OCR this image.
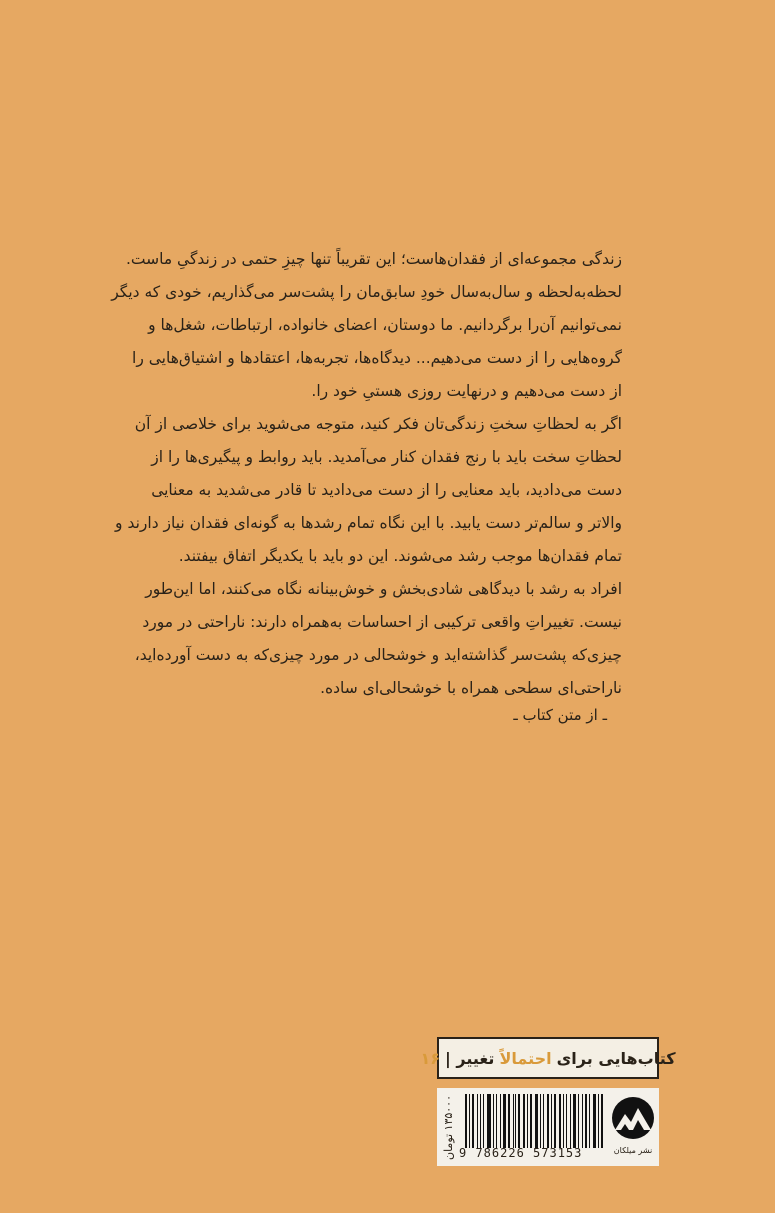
زندگی مجموعه‌ای از فقدان‌هاست؛ این تقریباً تنها چیزِ حتمی در زندگیِ ماست.
لحظه‌به‌لحظه و سال‌به‌سال خودِ سابق‌مان را پشت‌سر می‌گذاریم، خودی که دیگر
نمی‌توانیم آن‌را برگردانیم. ما دوستان، اعضای خانواده، ارتباطات، شغل‌ها و
گروه‌هایی را از دست می‌دهیم... دیدگاه‌ها، تجربه‌ها، اعتقادها و اشتیاق‌هایی را
از دست می‌دهیم و درنهایت روزی هستیِ خود را.
اگر به لحظاتِ سختِ زندگی‌تان فکر کنید، متوجه می‌شوید برای خلاصی از آن
لحظاتِ سخت باید با رنج فقدان کنار می‌آمدید. باید روابط و پیگیری‌ها را از
دست می‌دادید، باید معنایی را از دست می‌دادید تا قادر می‌شدید به معنایی
والاتر و سالم‌تر دست یابید. با این نگاه تمام رشدها به گونه‌ای فقدان نیاز دارند و
تمام فقدان‌ها موجب رشد می‌شوند. این دو باید با یکدیگر اتفاق بیفتند.
افراد به رشد با دیدگاهی شادی‌بخش و خوش‌بینانه نگاه می‌کنند، اما این‌طور
نیست. تغییراتِ واقعی ترکیبی از احساسات به‌همراه دارند: ناراحتی در مورد
چیزی‌که پشت‌سر گذاشته‌اید و خوشحالی در مورد چیزی‌که به دست آورده‌اید،
ناراحتی‌ای سطحی همراه با خوشحالی‌ای ساده.
ـ از متن کتاب ـ
کتاب‌هایی برای
احتمالاً
تغییر |
۱۶
۱۳۵۰۰۰ تومان
9 786226 573153	نشر میلکان
